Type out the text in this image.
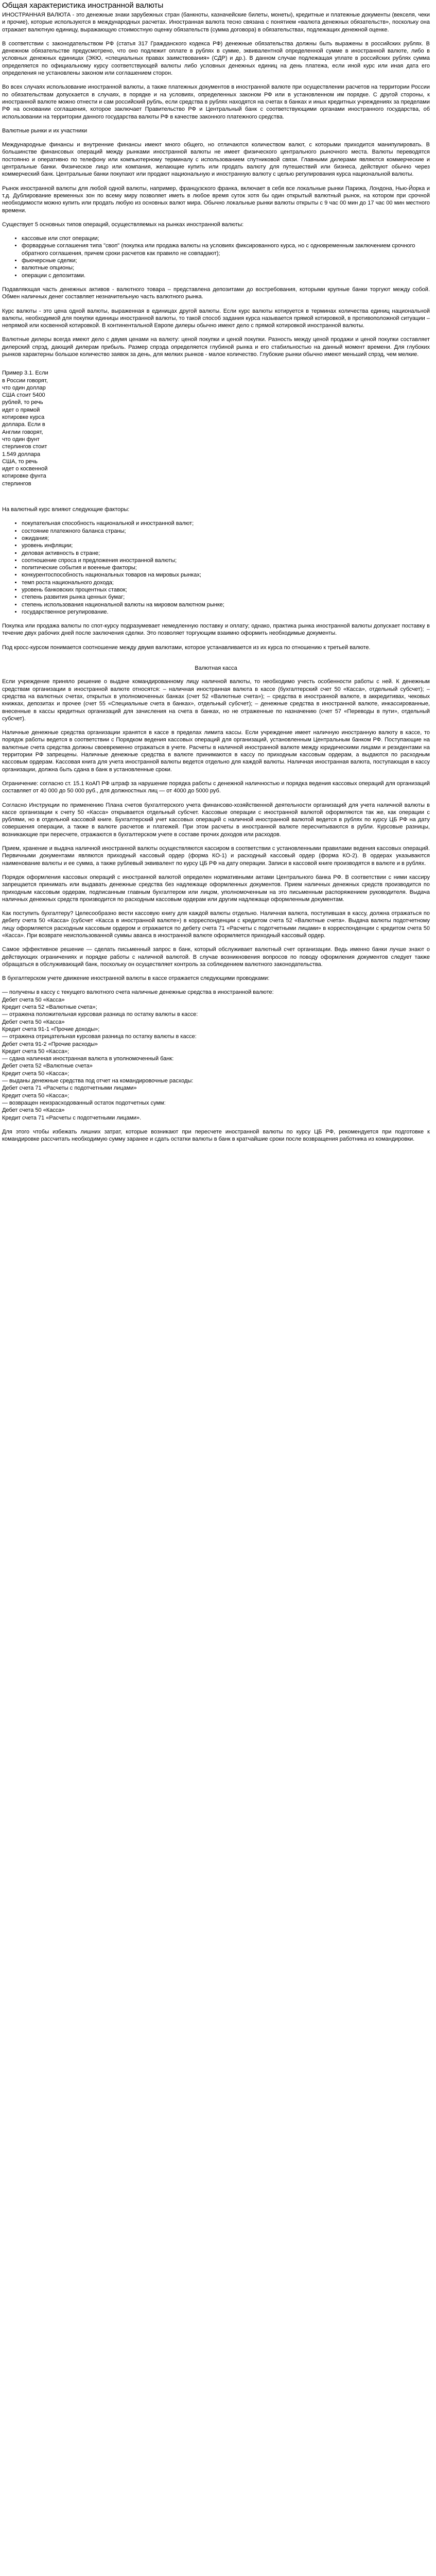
Общая характеристика иностранной валюты
ИНОСТРАННАЯ ВАЛЮТА - это денежные знаки зарубежных стран (банкноты, казначейские билеты, монеты), кредитные и платежные документы (векселя, чеки и прочие), которые используются в международных расчетах. Иностранная валюта тесно связана с понятием «валюта денежных обязательств», поскольку она отражает валютную единицу, выражающую стоимостную оценку обязательств (сумма договора) в обязательствах, подлежащих денежной оценке.
В соответствии с законодательством РФ (статья 317 Гражданского кодекса РФ) денежные обязательства должны быть выражены в российских рублях. В денежном обязательстве предусмотрено, что оно подлежит оплате в рублях в сумме, эквивалентной определенной сумме в иностранной валюте, либо в условных денежных единицах (ЭКЮ, «специальных правах заимствования» (СДР) и др.). В данном случае подлежащая уплате в российских рублях сумма определяется по официальному курсу соответствующей валюты либо условных денежных единиц на день платежа, если иной курс или иная дата его определения не установлены законом или соглашением сторон.
Во всех случаях использование иностранной валюты, а также платежных документов в иностранной валюте при осуществлении расчетов на территории России по обязательствам допускается в случаях, в порядке и на условиях, определенных законом РФ или в установленном им порядке. С другой стороны, к иностранной валюте можно отнести и сам российский рубль, если средства в рублях находятся на счетах в банках и иных кредитных учреждениях за пределами РФ на основании соглашения, которое заключает Правительство РФ и Центральный банк с соответствующими органами иностранного государства, об использовании на территории данного государства валюты РФ в качестве законного платежного средства.
Валютные рынки и их участники
Международные финансы и внутренние финансы имеют много общего, но отличаются количеством валют, с которыми приходится манипулировать. В большинстве финансовых операций между рынками иностранной валюты не имеет физического центрального рыночного места. Валюты переводятся постоянно и оперативно по телефону или компьютерному терминалу с использованием спутниковой связи. Главными дилерами являются коммерческие и центральные банки. Физическое лицо или компания, желающие купить или продать валюту для путешествий или бизнеса, действуют обычно через коммерческий банк. Центральные банки покупают или продают национальную и иностранную валюту с целью регулирования курса национальной валюты.
Рынок иностранной валюты для любой одной валюты, например, французского франка, включает в себя все локальные рынки Парижа, Лондона, Нью-Йорка и т.д. Дублирование временных зон по всему миру позволяет иметь в любое время суток хотя бы один открытый валютный рынок, на котором при срочной необходимости можно купить или продать любую из основных валют мира. Обычно локальные рынки валюты открыты с 9 час 00 мин до 17 час 00 мин местного времени.
Существует 5 основных типов операций, осуществляемых на рынках иностранной валюты:
• кассовые или спот операции;
• форвардные соглашения типа "своп" (покупка или продажа валюты на условиях фиксированного курса, но с одновременным заключением срочного обратного соглашения, причем сроки расчетов как правило не совпадают);
• фьючерсные сделки;
• валютные опционы;
• операции с депозитами.
Подавляющая часть денежных активов - валютного товара – представлена депозитами до востребования, которыми крупные банки торгуют между собой. Обмен наличных денег составляет незначительную часть валютного рынка.
Курс валюты - это цена одной валюты, выраженная в единицах другой валюты. Если курс валюты котируется в терминах количества единиц национальной валюты, необходимой для покупки единицы иностранной валюты, то такой способ задания курса называется прямой котировкой, в противоположной ситуации – непрямой или косвенной котировкой. В континентальной Европе дилеры обычно имеют дело с прямой котировкой иностранной валюты.
Валютные дилеры всегда имеют дело с двумя ценами на валюту: ценой покупки и ценой покупки. Разность между ценой продажи и ценой покупки составляет дилерский спрэд, дающий дилерам прибыль. Размер спрэда определяется глубиной рынка и его стабильностью на данный момент времени. Для глубоких рынков характерны большое количество заявок за день, для мелких рынков - малое количество. Глубокие рынки обычно имеют меньший спрэд, чем мелкие.
Пример 3.1. Если в России говорят, что один доллар США стоит 5400 рублей, то речь идет о прямой котировке курса доллара. Если в Англии говорят, что один фунт стерлингов стоит 1.549 доллара США, то речь идет о косвенной котировке фунта стерлингов
На валютный курс влияют следующие факторы:
• покупательная способность национальной и иностранной валют;
• состояние платежного баланса страны;
• ожидания;
• уровень инфляции;
• деловая активность в стране;
• соотношение спроса и предложения иностранной валюты;
• политические события и военные факторы;
• конкурентоспособность национальных товаров на мировых рынках;
• темп роста национального дохода;
• уровень банковских процентных ставок;
• степень развития рынка ценных бумаг;
• степень использования национальной валюты на мировом валютном рынке;
• государственное регулирование.
Покупка или продажа валюты по спот-курсу подразумевает немедленную поставку и оплату; однако, практика рынка иностранной валюты допускает поставку в течение двух рабочих дней после заключения сделки. Это позволяет торгующим взаимно оформить необходимые документы.
Под кросс-курсом понимается соотношение между двумя валютами, которое устанавливается из их курса по отношению к третьей валюте.
Валютная касса
Если учреждение приняло решение о выдаче командированному лицу наличной валюты, то необходимо учесть особенности работы с ней. К денежным средствам организации в иностранной валюте относятся: – наличная иностранная валюта в кассе (бухгалтерский счет 50 «Касса», отдельный субсчет); – средства на валютных счетах, открытых в уполномоченных банках (счет 52 «Валютные счета»); – средства в иностранной валюте, в аккредитивах, чековых книжках, депозитах и прочее (счет 55 «Специальные счета в банках», отдельный субсчет); – денежные средства в иностранной валюте, инкассированные, внесенные в кассы кредитных организаций для зачисления на счета в банках, но не отраженные по назначению (счет 57 «Переводы в пути», отдельный субсчет).
Наличные денежные средства организации хранятся в кассе в пределах лимита кассы. Если учреждение имеет наличную иностранную валюту в кассе, то порядок работы ведется в соответствии с Порядком ведения кассовых операций для организаций, установленным Центральным банком РФ. Поступающие на валютные счета средства должны своевременно отражаться в учете. Расчеты в наличной иностранной валюте между юридическими лицами и резидентами на территории РФ запрещены. Наличные денежные средства в валюте принимаются в кассу по приходным кассовым ордерам, а выдаются по расходным кассовым ордерам. Кассовая книга для учета иностранной валюты ведется отдельно для каждой валюты. Наличная иностранная валюта, поступающая в кассу организации, должна быть сдана в банк в установленные сроки.
Ограничение: согласно ст. 15.1 КоАП РФ штраф за нарушение порядка работы с денежной наличностью и порядка ведения кассовых операций для организаций составляет от 40 000 до 50 000 руб., для должностных лиц — от 4000 до 5000 руб.
Согласно Инструкции по применению Плана счетов бухгалтерского учета финансово-хозяйственной деятельности организаций для учета наличной валюты в кассе организации к счету 50 «Касса» открывается отдельный субсчет. Кассовые операции с иностранной валютой оформляются так же, как операции с рублями, но в отдельной кассовой книге. Бухгалтерский учет кассовых операций с наличной иностранной валютой ведется в рублях по курсу ЦБ РФ на дату совершения операции, а также в валюте расчетов и платежей. При этом расчеты в иностранной валюте пересчитываются в рубли. Курсовые разницы, возникающие при пересчете, отражаются в бухгалтерском учете в составе прочих доходов или расходов.
Прием, хранение и выдача наличной иностранной валюты осуществляются кассиром в соответствии с установленными правилами ведения кассовых операций. Первичными документами являются приходный кассовый ордер (форма КО-1) и расходный кассовый ордер (форма КО-2). В ордерах указываются наименование валюты и ее сумма, а также рублевый эквивалент по курсу ЦБ РФ на дату операции. Записи в кассовой книге производятся в валюте и в рублях.
Порядок оформления кассовых операций с иностранной валютой определен нормативными актами Центрального банка РФ. В соответствии с ними кассиру запрещается принимать или выдавать денежные средства без надлежаще оформленных документов. Прием наличных денежных средств производится по приходным кассовым ордерам, подписанным главным бухгалтером или лицом, уполномоченным на это письменным распоряжением руководителя. Выдача наличных денежных средств производится по расходным кассовым ордерам или другим надлежаще оформленным документам.
Как поступить бухгалтеру? Целесообразно вести кассовую книгу для каждой валюты отдельно. Наличная валюта, поступившая в кассу, должна отражаться по дебету счета 50 «Касса» (субсчет «Касса в иностранной валюте») в корреспонденции с кредитом счета 52 «Валютные счета». Выдача валюты подотчетному лицу оформляется расходным кассовым ордером и отражается по дебету счета 71 «Расчеты с подотчетными лицами» в корреспонденции с кредитом счета 50 «Касса». При возврате неиспользованной суммы аванса в иностранной валюте оформляется приходный кассовый ордер.
Самое эффективное решение — сделать письменный запрос в банк, который обслуживает валютный счет организации. Ведь именно банки лучше знают о действующих ограничениях и порядке работы с наличной валютой. В случае возникновения вопросов по поводу оформления документов следует также обращаться в обслуживающий банк, поскольку он осуществляет контроль за соблюдением валютного законодательства.
В бухгалтерском учете движение иностранной валюты в кассе отражается следующими проводками:
— получены в кассу с текущего валютного счета наличные денежные средства в иностранной валюте:
Дебет счета 50 «Касса»
Кредит счета 52 «Валютные счета»;
— отражена положительная курсовая разница по остатку валюты в кассе:
Дебет счета 50 «Касса»
Кредит счета 91-1 «Прочие доходы»;
— отражена отрицательная курсовая разница по остатку валюты в кассе:
Дебет счета 91-2 «Прочие расходы»
Кредит счета 50 «Касса»;
— сдана наличная иностранная валюта в уполномоченный банк:
Дебет счета 52 «Валютные счета»
Кредит счета 50 «Касса»;
— выданы денежные средства под отчет на командировочные расходы:
Дебет счета 71 «Расчеты с подотчетными лицами»
Кредит счета 50 «Касса»;
— возвращен неизрасходованный остаток подотчетных сумм:
Дебет счета 50 «Касса»
Кредит счета 71 «Расчеты с подотчетными лицами».
Для этого чтобы избежать лишних затрат, которые возникают при пересчете иностранной валюты по курсу ЦБ РФ, рекомендуется при подготовке к командировке рассчитать необходимую сумму заранее и сдать остатки валюты в банк в кратчайшие сроки после возвращения работника из командировки.
